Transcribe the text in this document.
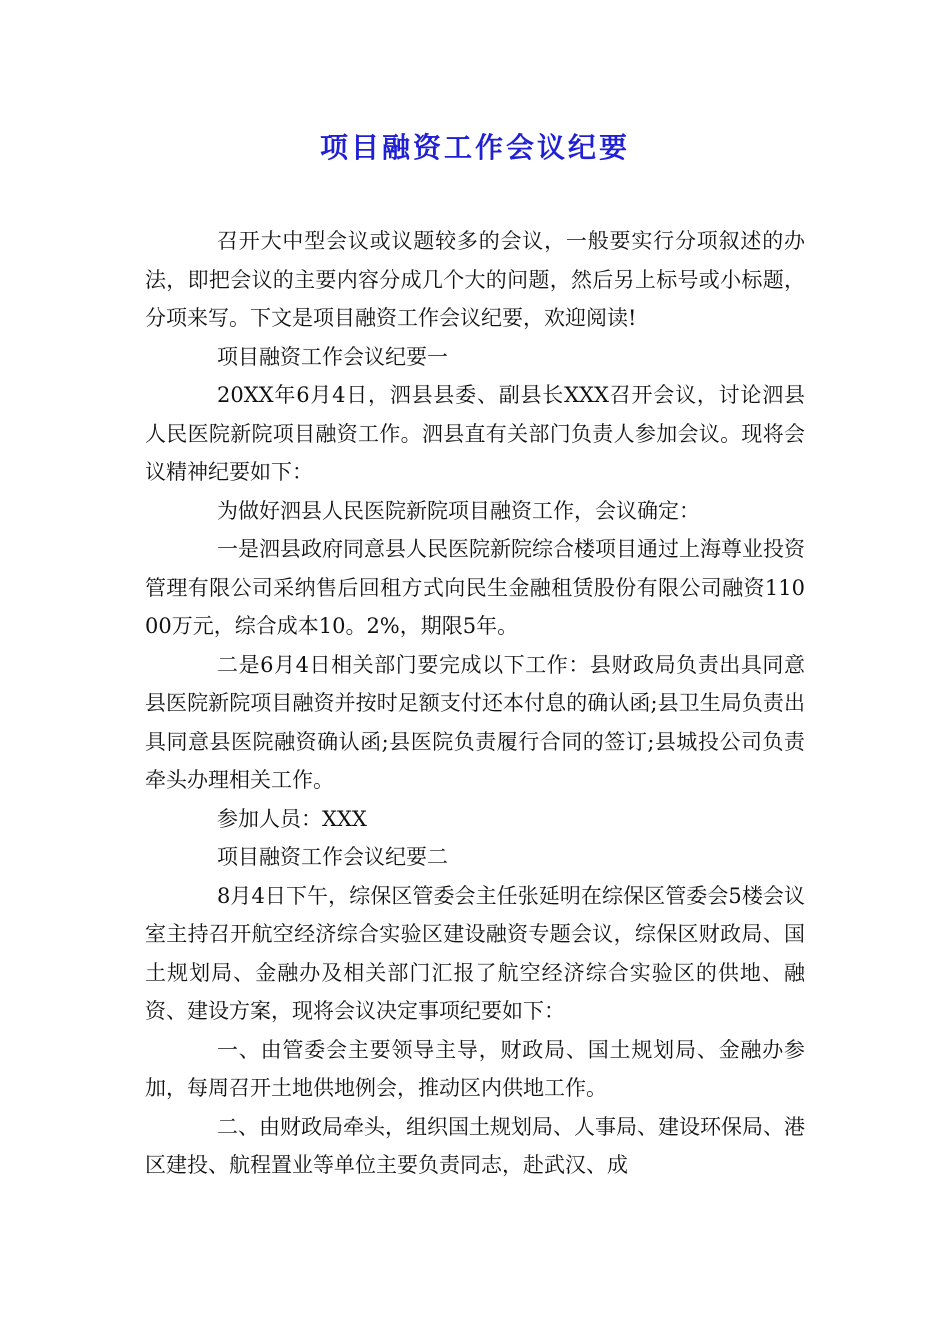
项目融资工作会议纪要

召开大中型会议或议题较多的会议，一般要实行分项叙述的办法，即把会议的主要内容分成几个大的问题，然后另上标号或小标题，分项来写。下文是项目融资工作会议纪要，欢迎阅读!

项目融资工作会议纪要一

20XX年6月4日，泗县县委、副县长XXX召开会议，讨论泗县人民医院新院项目融资工作。泗县直有关部门负责人参加会议。现将会议精神纪要如下：

为做好泗县人民医院新院项目融资工作，会议确定：

一是泗县政府同意县人民医院新院综合楼项目通过上海尊业投资管理有限公司采纳售后回租方式向民生金融租赁股份有限公司融资11000万元，综合成本10。2%，期限5年。

二是6月4日相关部门要完成以下工作：县财政局负责出具同意县医院新院项目融资并按时足额支付还本付息的确认函;县卫生局负责出具同意县医院融资确认函;县医院负责履行合同的签订;县城投公司负责牵头办理相关工作。

参加人员：XXX

项目融资工作会议纪要二

8月4日下午，综保区管委会主任张延明在综保区管委会5楼会议室主持召开航空经济综合实验区建设融资专题会议，综保区财政局、国土规划局、金融办及相关部门汇报了航空经济综合实验区的供地、融资、建设方案，现将会议决定事项纪要如下：

一、由管委会主要领导主导，财政局、国土规划局、金融办参加，每周召开土地供地例会，推动区内供地工作。

二、由财政局牵头，组织国土规划局、人事局、建设环保局、港区建投、航程置业等单位主要负责同志，赴武汉、成
